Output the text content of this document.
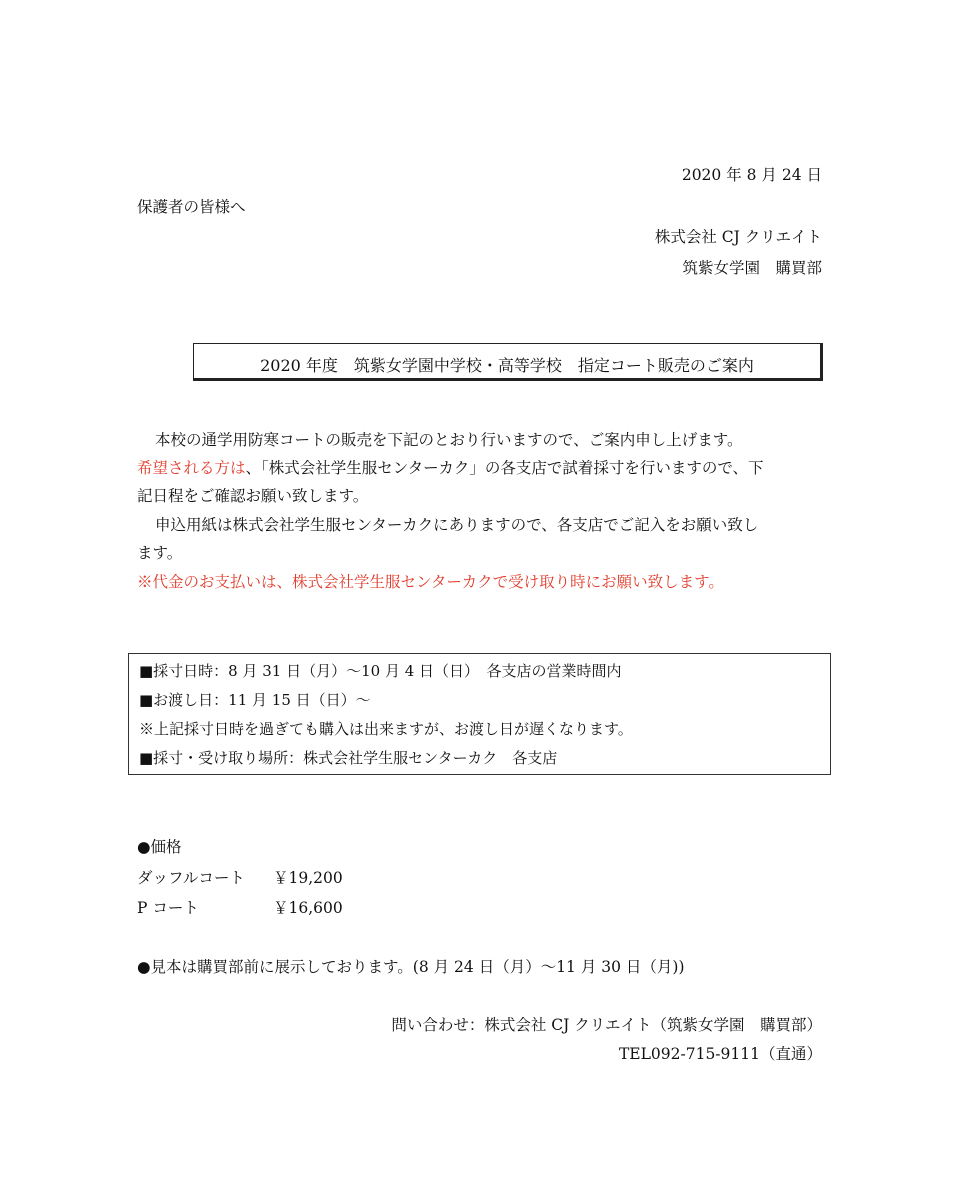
2020 年 8 月 24 日
保護者の皆様へ
株式会社 CJ クリエイト
筑紫女学園　購買部
2020 年度　筑紫女学園中学校・高等学校　指定コート販売のご案内
本校の通学用防寒コートの販売を下記のとおり行いますので、ご案内申し上げます。
希望される方は、「株式会社学生服センターカク」の各支店で試着採寸を行いますので、下
記日程をご確認お願い致します。
申込用紙は株式会社学生服センターカクにありますので、各支店でご記入をお願い致し
ます。
※代金のお支払いは、株式会社学生服センターカクで受け取り時にお願い致します。
■採寸日時：8 月 31 日（月）～10 月 4 日（日）　各支店の営業時間内
■お渡し日：11 月 15 日（日）～
※上記採寸日時を過ぎても購入は出来ますが、お渡し日が遅くなります。
■採寸・受け取り場所：株式会社学生服センターカク　各支店
●価格
ダッフルコート ￥19,200
P コート	￥16,600
●見本は購買部前に展示しております。(8 月 24 日（月）～11 月 30 日（月))
問い合わせ：株式会社 CJ クリエイト（筑紫女学園　購買部）
TEL092-715-9111（直通）
